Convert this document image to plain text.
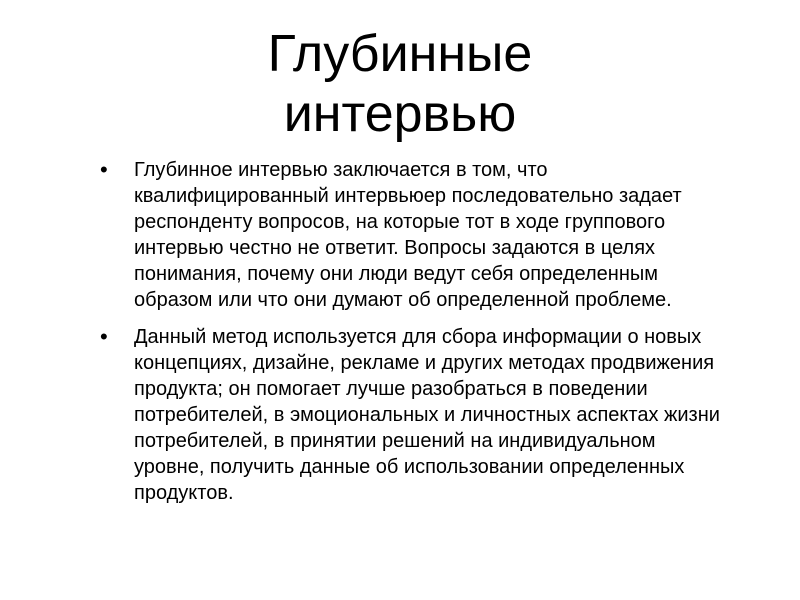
Глубинные
интервью
•	Глубинное интервью заключается в том, что квалифицированный интервьюер последовательно задает респонденту вопросов, на которые тот в ходе группового интервью честно не ответит. Вопросы задаются в целях понимания, почему они люди ведут себя определенным образом или что они думают об определенной проблеме.
•	Данный метод используется для сбора информации о новых концепциях, дизайне, рекламе и других методах продвижения продукта; он помогает лучше разобраться в поведении потребителей, в эмоциональных и личностных аспектах жизни потребителей, в принятии решений на индивидуальном уровне, получить данные об использовании определенных продуктов.
